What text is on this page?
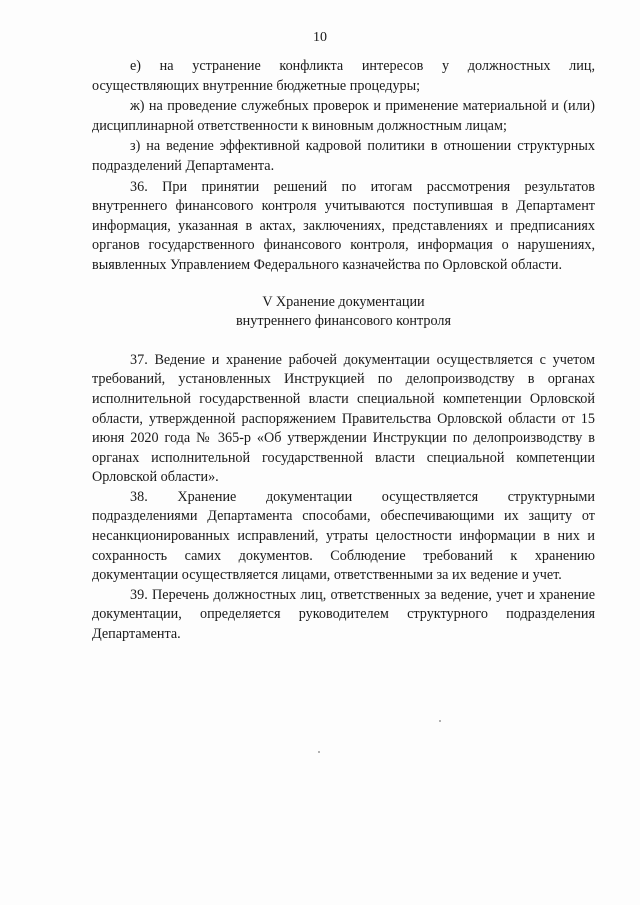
10

е) на устранение конфликта интересов у должностных лиц, осуществляющих внутренние бюджетные процедуры;

ж) на проведение служебных проверок и применение материальной и (или) дисциплинарной ответственности к виновным должностным лицам;

з) на ведение эффективной кадровой политики в отношении структурных подразделений Департамента.

36. При принятии решений по итогам рассмотрения результатов внутреннего финансового контроля учитываются поступившая в Департамент информация, указанная в актах, заключениях, представлениях и предписаниях органов государственного финансового контроля, информация о нарушениях, выявленных Управлением Федерального казначейства по Орловской области.

V Хранение документации
внутреннего финансового контроля

37. Ведение и хранение рабочей документации осуществляется с учетом требований, установленных Инструкцией по делопроизводству в органах исполнительной государственной власти специальной компетенции Орловской области, утвержденной распоряжением Правительства Орловской области от 15 июня 2020 года № 365-р «Об утверждении Инструкции по делопроизводству в органах исполнительной государственной власти специальной компетенции Орловской области».

38. Хранение документации осуществляется структурными подразделениями Департамента способами, обеспечивающими их защиту от несанкционированных исправлений, утраты целостности информации в них и сохранность самих документов. Соблюдение требований к хранению документации осуществляется лицами, ответственными за их ведение и учет.

39. Перечень должностных лиц, ответственных за ведение, учет и хранение документации, определяется руководителем структурного подразделения Департамента.
